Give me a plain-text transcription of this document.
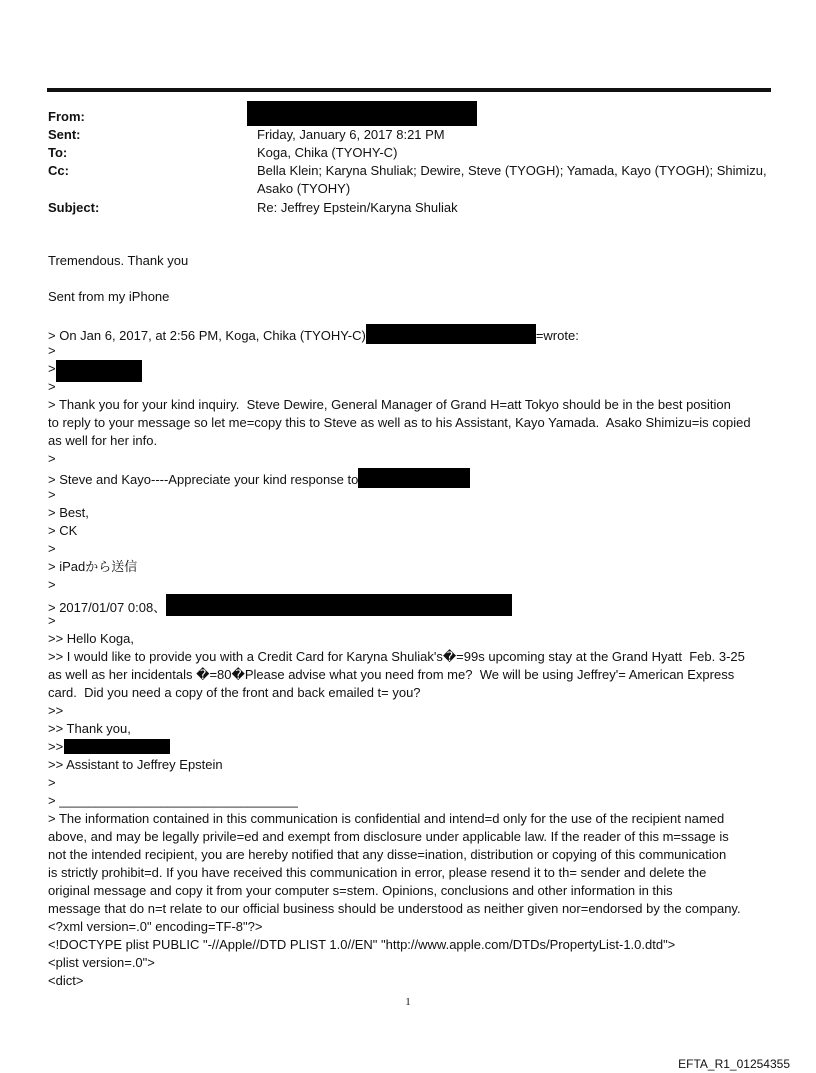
From:
Sent:	Friday, January 6, 2017 8:21 PM
To:	Koga, Chika (TYOHY-C)
Cc:	Bella Klein; Karyna Shuliak; Dewire, Steve (TYOGH); Yamada, Kayo (TYOGH); Shimizu,
Asako (TYOHY)
Subject:	Re: Jeffrey Epstein/Karyna Shuliak
Tremendous. Thank you
Sent from my iPhone
> On Jan 6, 2017, at 2:56 PM, Koga, Chika (TYOHY-C)	=wrote:
>
>
>
> Thank you for your kind inquiry.  Steve Dewire, General Manager of Grand H=att Tokyo should be in the best position
to reply to your message so let me=copy this to Steve as well as to his Assistant, Kayo Yamada.  Asako Shimizu=is copied
as well for her info.
>
> Steve and Kayo----Appreciate your kind response to
>
> Best,
> CK
>
> iPadから送信
>
> 2017/01/07 0:08、
>
>> Hello Koga,
>> I would like to provide you with a Credit Card for Karyna Shuliak's�=99s upcoming stay at the Grand Hyatt  Feb. 3-25
as well as her incidentals �=80�Please advise what you need from me?  We will be using Jeffrey'= American Express
card.  Did you need a copy of the front and back emailed t= you?
>>
>> Thank you,
>>
>> Assistant to Jeffrey Epstein
>
> _________________________________
> The information contained in this communication is confidential and intend=d only for the use of the recipient named
above, and may be legally privile=ed and exempt from disclosure under applicable law. If the reader of this m=ssage is
not the intended recipient, you are hereby notified that any disse=ination, distribution or copying of this communication
is strictly prohibit=d. If you have received this communication in error, please resend it to th= sender and delete the
original message and copy it from your computer s=stem. Opinions, conclusions and other information in this
message that do n=t relate to our official business should be understood as neither given nor=endorsed by the company.
<?xml version=.0" encoding=TF-8"?>
<!DOCTYPE plist PUBLIC "-//Apple//DTD PLIST 1.0//EN" "http://www.apple.com/DTDs/PropertyList-1.0.dtd">
<plist version=.0">
<dict>
1
EFTA_R1_01254355
